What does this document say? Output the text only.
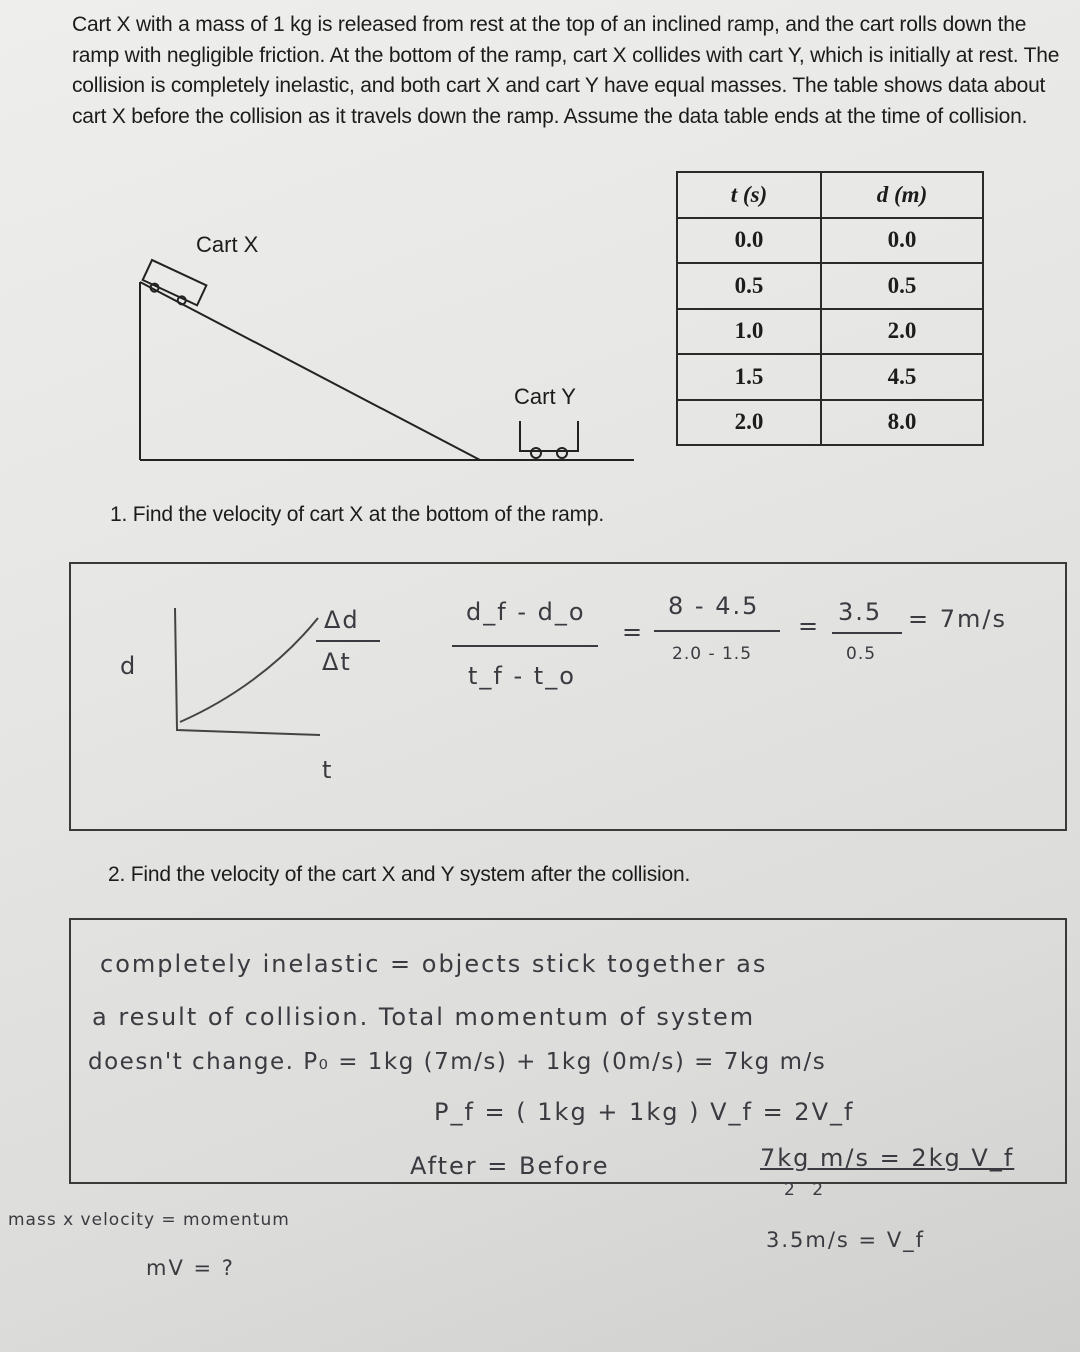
Cart X with a mass of 1 kg is released from rest at the top of an inclined ramp, and the cart rolls down the ramp with negligible friction. At the bottom of the ramp, cart X collides with cart Y, which is initially at rest. The collision is completely inelastic, and both cart X and cart Y have equal masses. The table shows data about cart X before the collision as it travels down the ramp. Assume the data table ends at the time of collision.
Cart X
Cart Y
t (s)	d (m)
0.0	0.0
0.5	0.5
1.0	2.0
1.5	4.5
2.0	8.0
1. Find the velocity of cart X at the bottom of the ramp.
d
t
Δd
Δt
d_f - d_o
t_f - t_o
=
8 - 4.5
2.0 - 1.5
= 3.5
0.5
= 7m/s
2. Find the velocity of the cart X and Y system after the collision.
completely inelastic = objects stick together as
a result of collision. Total momentum of system
doesn't change. P₀ = 1kg (7m/s) + 1kg (0m/s) = 7kg m/s
P_f = ( 1kg + 1kg ) V_f = 2V_f
After = Before	7kg m/s = 2kg V_f
2 2
3.5m/s = V_f
mass x velocity = momentum
mV = ?
